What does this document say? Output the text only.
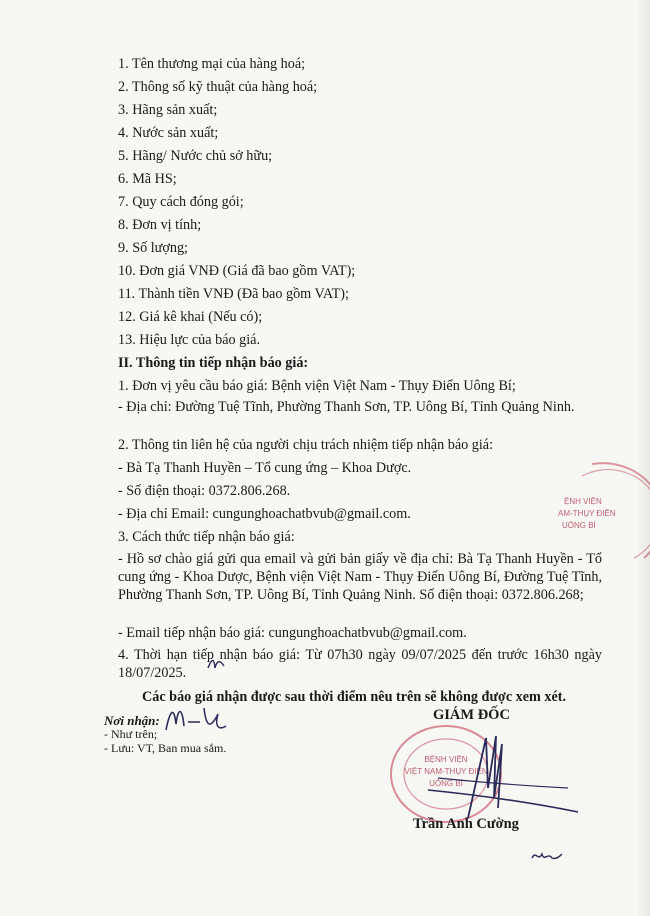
1. Tên thương mại của hàng hoá;
2. Thông số kỹ thuật của hàng hoá;
3. Hãng sản xuất;
4. Nước sản xuất;
5. Hãng/ Nước chủ sở hữu;
6. Mã HS;
7. Quy cách đóng gói;
8. Đơn vị tính;
9. Số lượng;
10. Đơn giá VNĐ (Giá đã bao gồm VAT);
11. Thành tiền VNĐ (Đã bao gồm VAT);
12. Giá kê khai (Nếu có);
13. Hiệu lực của báo giá.
II. Thông tin tiếp nhận báo giá:
1. Đơn vị yêu cầu báo giá: Bệnh viện Việt Nam - Thụy Điển Uông Bí;
- Địa chỉ: Đường Tuệ Tĩnh, Phường Thanh Sơn, TP. Uông Bí, Tỉnh Quảng Ninh.
2. Thông tin liên hệ của người chịu trách nhiệm tiếp nhận báo giá:
- Bà Tạ Thanh Huyền – Tổ cung ứng – Khoa Dược.
- Số điện thoại: 0372.806.268.
- Địa chỉ Email: cungunghoachatbvub@gmail.com.
3. Cách thức tiếp nhận báo giá:
- Hồ sơ chào giá gửi qua email và gửi bản giấy về địa chỉ: Bà Tạ Thanh Huyền - Tổ cung ứng - Khoa Dược, Bệnh viện Việt Nam - Thụy Điển Uông Bí, Đường Tuệ Tĩnh, Phường Thanh Sơn, TP. Uông Bí, Tỉnh Quảng Ninh. Số điện thoại: 0372.806.268;
- Email tiếp nhận báo giá: cungunghoachatbvub@gmail.com.
4. Thời hạn tiếp nhận báo giá: Từ 07h30 ngày 09/07/2025 đến trước 16h30 ngày 18/07/2025.
Các báo giá nhận được sau thời điểm nêu trên sẽ không được xem xét.
Nơi nhận:
- Như trên;
- Lưu: VT, Ban mua sắm.
GIÁM ĐỐC
BỆNH VIỆN
VIỆT NAM-THỤY ĐIỂN
UÔNG BÍ
Trần Anh Cường
ỆNH VIỆN
AM-THỤY ĐIỂN
UÔNG BÍ
